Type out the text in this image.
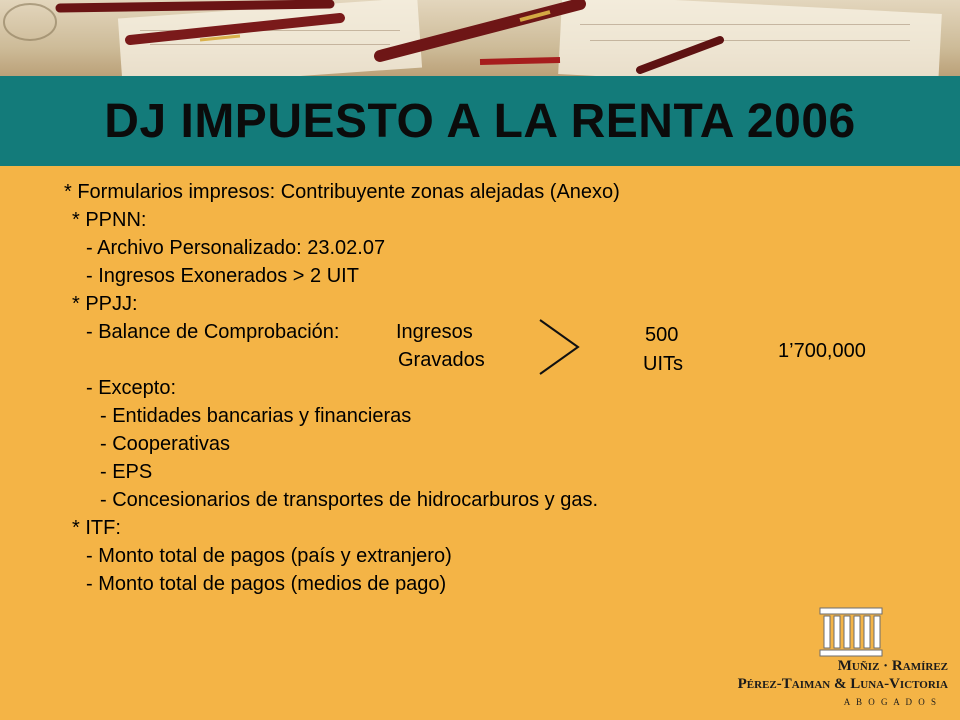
DJ IMPUESTO A LA RENTA 2006

* Formularios impresos: Contribuyente zonas alejadas (Anexo)

* PPNN:

- Archivo Personalizado: 23.02.07

- Ingresos Exonerados > 2 UIT

* PPJJ:

- Balance de Comprobación:	Ingresos

Gravados

500

UITs

1’700,000

- Excepto:

- Entidades bancarias y financieras

- Cooperativas

- EPS

- Concesionarios de transportes de hidrocarburos y gas.

* ITF:

- Monto total de pagos (país y extranjero)

- Monto total de pagos (medios de pago)

Muñiz · Ramírez

Pérez-Taiman & Luna-Victoria

A B O G A D O S
